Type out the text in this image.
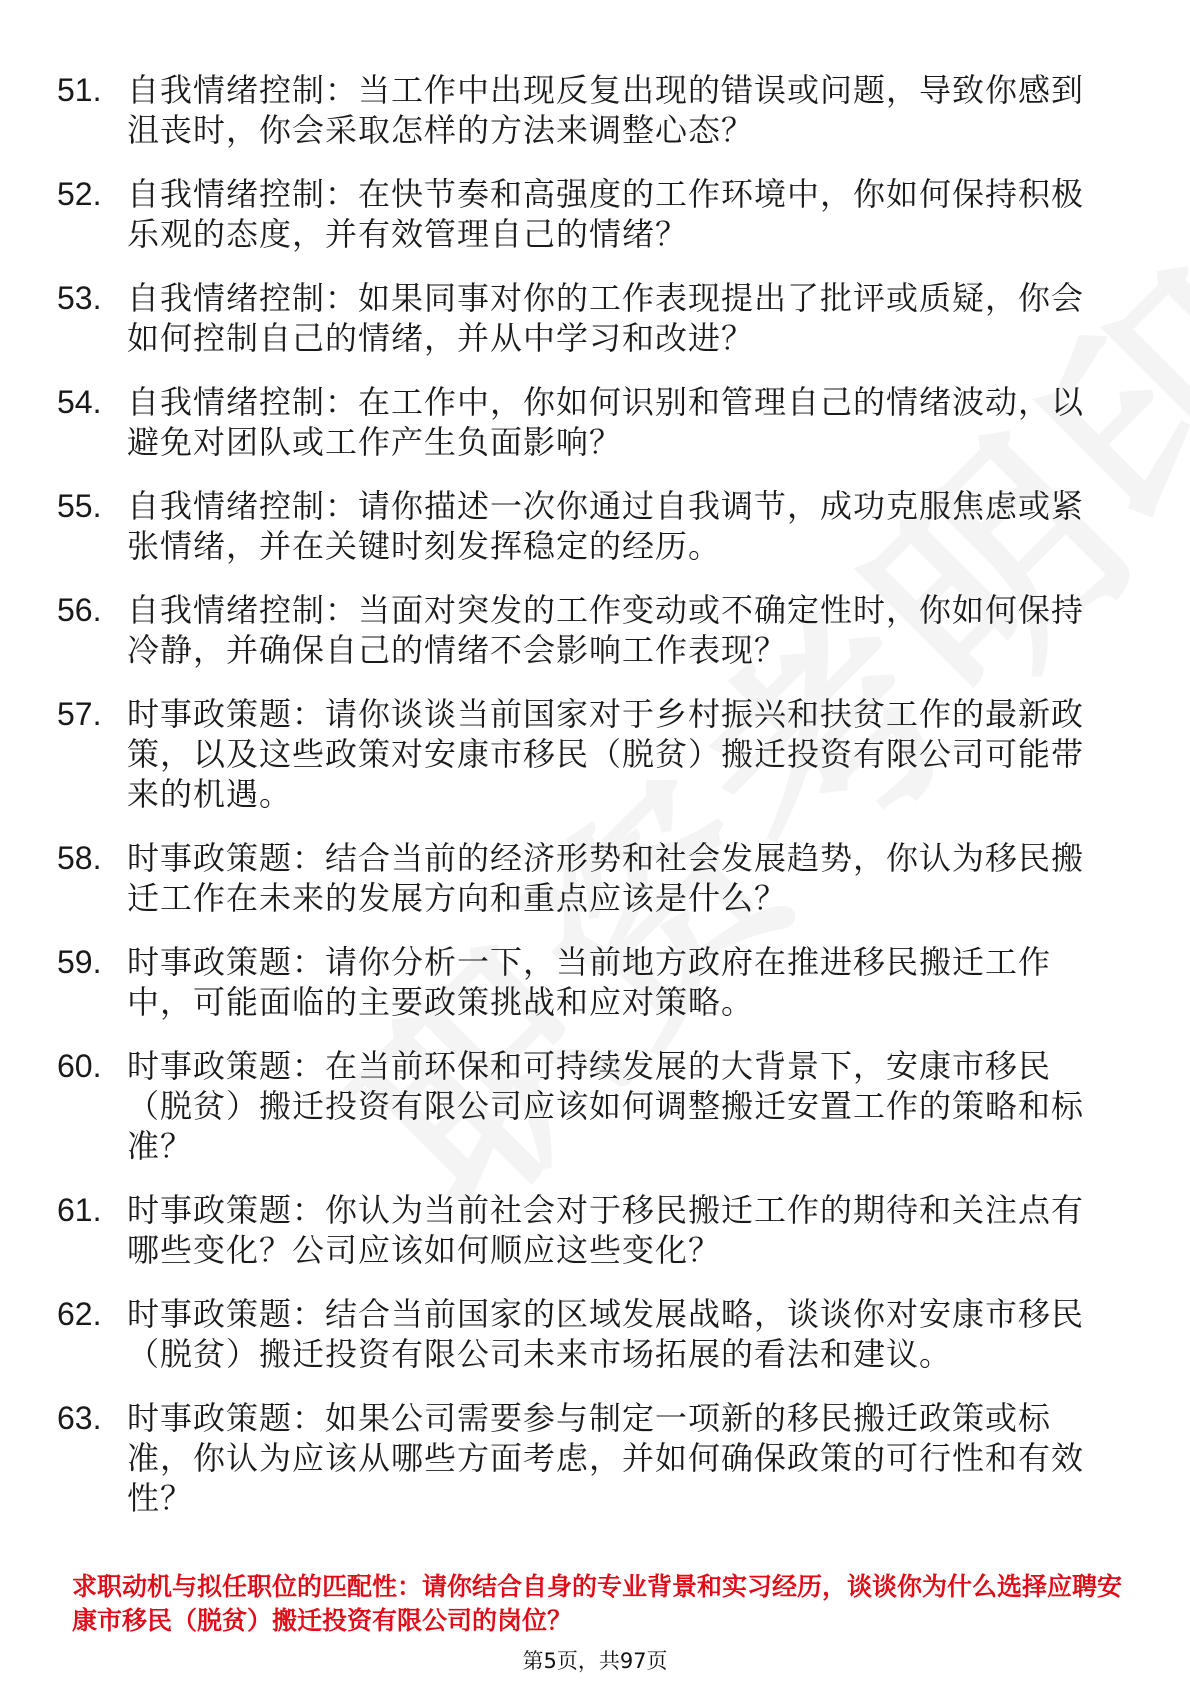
51. 自我情绪控制：当工作中出现反复出现的错误或问题，导致你感到沮丧时，你会采取怎样的方法来调整心态？
52. 自我情绪控制：在快节奏和高强度的工作环境中，你如何保持积极乐观的态度，并有效管理自己的情绪？
53. 自我情绪控制：如果同事对你的工作表现提出了批评或质疑，你会如何控制自己的情绪，并从中学习和改进？
54. 自我情绪控制：在工作中，你如何识别和管理自己的情绪波动，以避免对团队或工作产生负面影响？
55. 自我情绪控制：请你描述一次你通过自我调节，成功克服焦虑或紧张情绪，并在关键时刻发挥稳定的经历。
56. 自我情绪控制：当面对突发的工作变动或不确定性时，你如何保持冷静，并确保自己的情绪不会影响工作表现？
57. 时事政策题：请你谈谈当前国家对于乡村振兴和扶贫工作的最新政策，以及这些政策对安康市移民（脱贫）搬迁投资有限公司可能带来的机遇。
58. 时事政策题：结合当前的经济形势和社会发展趋势，你认为移民搬迁工作在未来的发展方向和重点应该是什么？
59. 时事政策题：请你分析一下，当前地方政府在推进移民搬迁工作中，可能面临的主要政策挑战和应对策略。
60. 时事政策题：在当前环保和可持续发展的大背景下，安康市移民（脱贫）搬迁投资有限公司应该如何调整搬迁安置工作的策略和标准？
61. 时事政策题：你认为当前社会对于移民搬迁工作的期待和关注点有哪些变化？公司应该如何顺应这些变化？
62. 时事政策题：结合当前国家的区域发展战略，谈谈你对安康市移民（脱贫）搬迁投资有限公司未来市场拓展的看法和建议。
63. 时事政策题：如果公司需要参与制定一项新的移民搬迁政策或标准，你认为应该从哪些方面考虑，并如何确保政策的可行性和有效性？
求职动机与拟任职位的匹配性：请你结合自身的专业背景和实习经历，谈谈你为什么选择应聘安康市移民（脱贫）搬迁投资有限公司的岗位？
第5页，共97页
